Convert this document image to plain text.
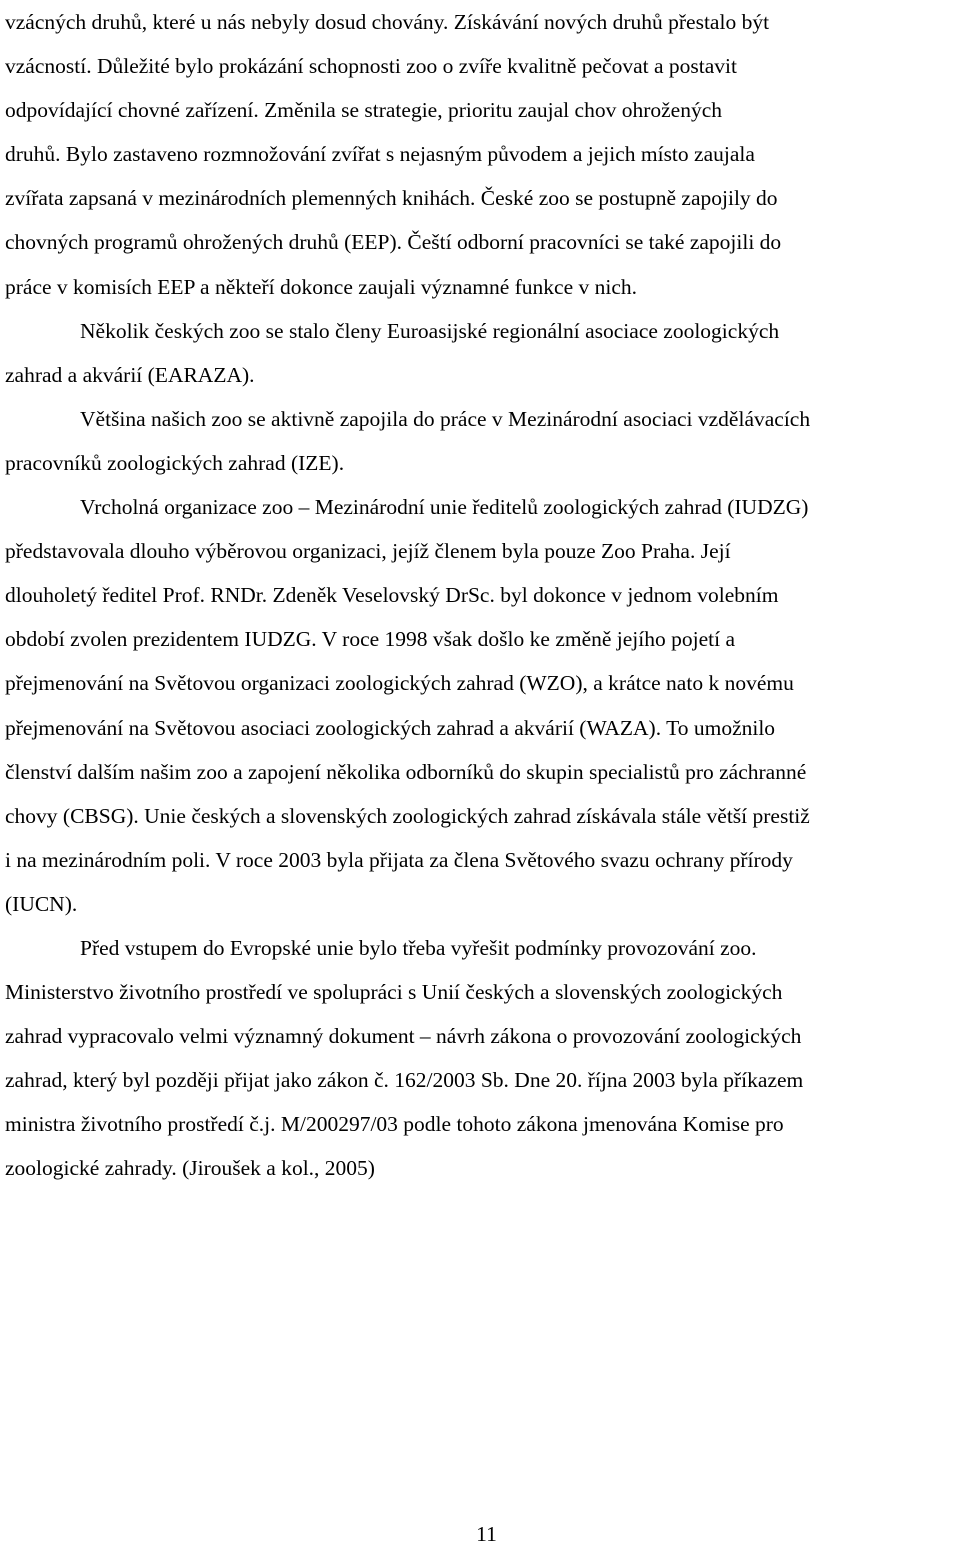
vzácných druhů, které u nás nebyly dosud chovány. Získávání nových druhů přestalo být
vzácností. Důležité bylo prokázání schopnosti zoo o zvíře kvalitně pečovat a postavit
odpovídající chovné zařízení. Změnila se strategie, prioritu zaujal chov ohrožených
druhů. Bylo zastaveno rozmnožování zvířat s nejasným původem a jejich místo zaujala
zvířata zapsaná v mezinárodních plemenných knihách. České zoo se postupně zapojily do
chovných programů ohrožených druhů (EEP). Čeští odborní pracovníci se také zapojili do
práce v komisích EEP a někteří dokonce zaujali významné funkce v nich.
Několik českých zoo se stalo členy Euroasijské regionální asociace zoologických
zahrad a akvárií (EARAZA).
Většina našich zoo se aktivně zapojila do práce v Mezinárodní asociaci vzdělávacích
pracovníků zoologických zahrad (IZE).
Vrcholná organizace zoo – Mezinárodní unie ředitelů zoologických zahrad (IUDZG)
představovala dlouho výběrovou organizaci, jejíž členem byla pouze Zoo Praha. Její
dlouholetý ředitel Prof. RNDr. Zdeněk Veselovský DrSc. byl dokonce v jednom volebním
období zvolen prezidentem IUDZG. V roce 1998 však došlo ke změně jejího pojetí a
přejmenování na Světovou organizaci zoologických zahrad (WZO), a krátce nato k novému
přejmenování na Světovou asociaci zoologických zahrad a akvárií (WAZA). To umožnilo
členství dalším našim zoo a zapojení několika odborníků do skupin specialistů pro záchranné
chovy (CBSG). Unie českých a slovenských zoologických zahrad získávala stále větší prestiž
i na mezinárodním poli. V roce 2003 byla přijata za člena Světového svazu ochrany přírody
(IUCN).
Před vstupem do Evropské unie bylo třeba vyřešit podmínky provozování zoo.
Ministerstvo životního prostředí ve spolupráci s Unií českých a slovenských zoologických
zahrad vypracovalo velmi významný dokument – návrh zákona o provozování zoologických
zahrad, který byl později přijat jako zákon č. 162/2003 Sb. Dne 20. října 2003 byla příkazem
ministra životního prostředí č.j. M/200297/03 podle tohoto zákona jmenována Komise pro
zoologické zahrady. (Jiroušek a kol., 2005)
11
